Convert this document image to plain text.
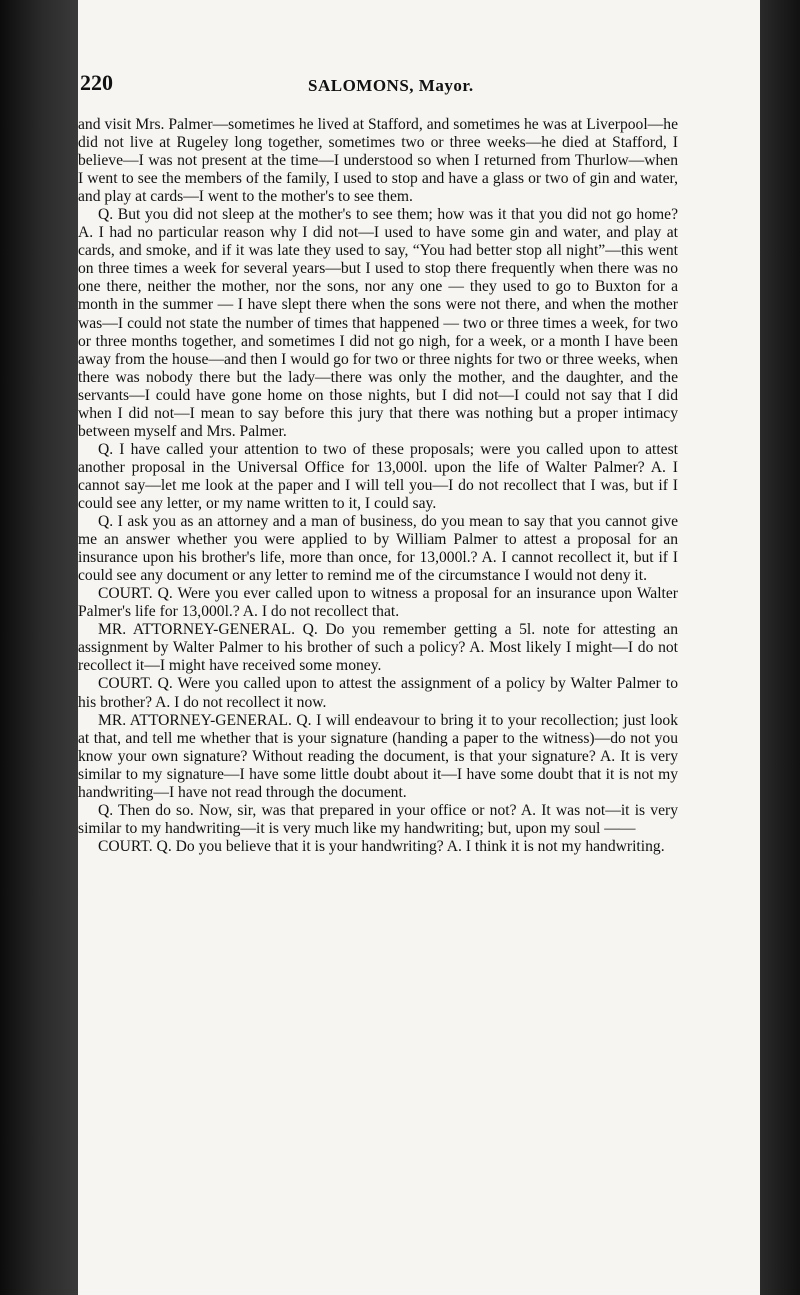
220	SALOMONS, Mayor.

and visit Mrs. Palmer—sometimes he lived at Stafford, and sometimes he was at Liverpool—he did not live at Rugeley long together, sometimes two or three weeks—he died at Stafford, I believe—I was not present at the time—I understood so when I returned from Thurlow—when I went to see the members of the family, I used to stop and have a glass or two of gin and water, and play at cards—I went to the mother's to see them.

Q. But you did not sleep at the mother's to see them; how was it that you did not go home? A. I had no particular reason why I did not—I used to have some gin and water, and play at cards, and smoke, and if it was late they used to say, “You had better stop all night”—this went on three times a week for several years—but I used to stop there frequently when there was no one there, neither the mother, nor the sons, nor any one — they used to go to Buxton for a month in the summer — I have slept there when the sons were not there, and when the mother was—I could not state the number of times that happened — two or three times a week, for two or three months together, and sometimes I did not go nigh, for a week, or a month I have been away from the house—and then I would go for two or three nights for two or three weeks, when there was nobody there but the lady—there was only the mother, and the daughter, and the servants—I could have gone home on those nights, but I did not—I could not say that I did when I did not—I mean to say before this jury that there was nothing but a proper intimacy between myself and Mrs. Palmer.

Q. I have called your attention to two of these proposals; were you called upon to attest another proposal in the Universal Office for 13,000l. upon the life of Walter Palmer? A. I cannot say—let me look at the paper and I will tell you—I do not recollect that I was, but if I could see any letter, or my name written to it, I could say.

Q. I ask you as an attorney and a man of business, do you mean to say that you cannot give me an answer whether you were applied to by William Palmer to attest a proposal for an insurance upon his brother's life, more than once, for 13,000l.? A. I cannot recollect it, but if I could see any document or any letter to remind me of the circumstance I would not deny it.

COURT. Q. Were you ever called upon to witness a proposal for an insurance upon Walter Palmer's life for 13,000l.? A. I do not recollect that.

MR. ATTORNEY-GENERAL. Q. Do you remember getting a 5l. note for attesting an assignment by Walter Palmer to his brother of such a policy? A. Most likely I might—I do not recollect it—I might have received some money.

COURT. Q. Were you called upon to attest the assignment of a policy by Walter Palmer to his brother? A. I do not recollect it now.

MR. ATTORNEY-GENERAL. Q. I will endeavour to bring it to your recollection; just look at that, and tell me whether that is your signature (handing a paper to the witness)—do not you know your own signature? Without reading the document, is that your signature? A. It is very similar to my signature—I have some little doubt about it—I have some doubt that it is not my handwriting—I have not read through the document.

Q. Then do so. Now, sir, was that prepared in your office or not? A. It was not—it is very similar to my handwriting—it is very much like my handwriting; but, upon my soul ——

COURT. Q. Do you believe that it is your handwriting? A. I think it is not my handwriting.
